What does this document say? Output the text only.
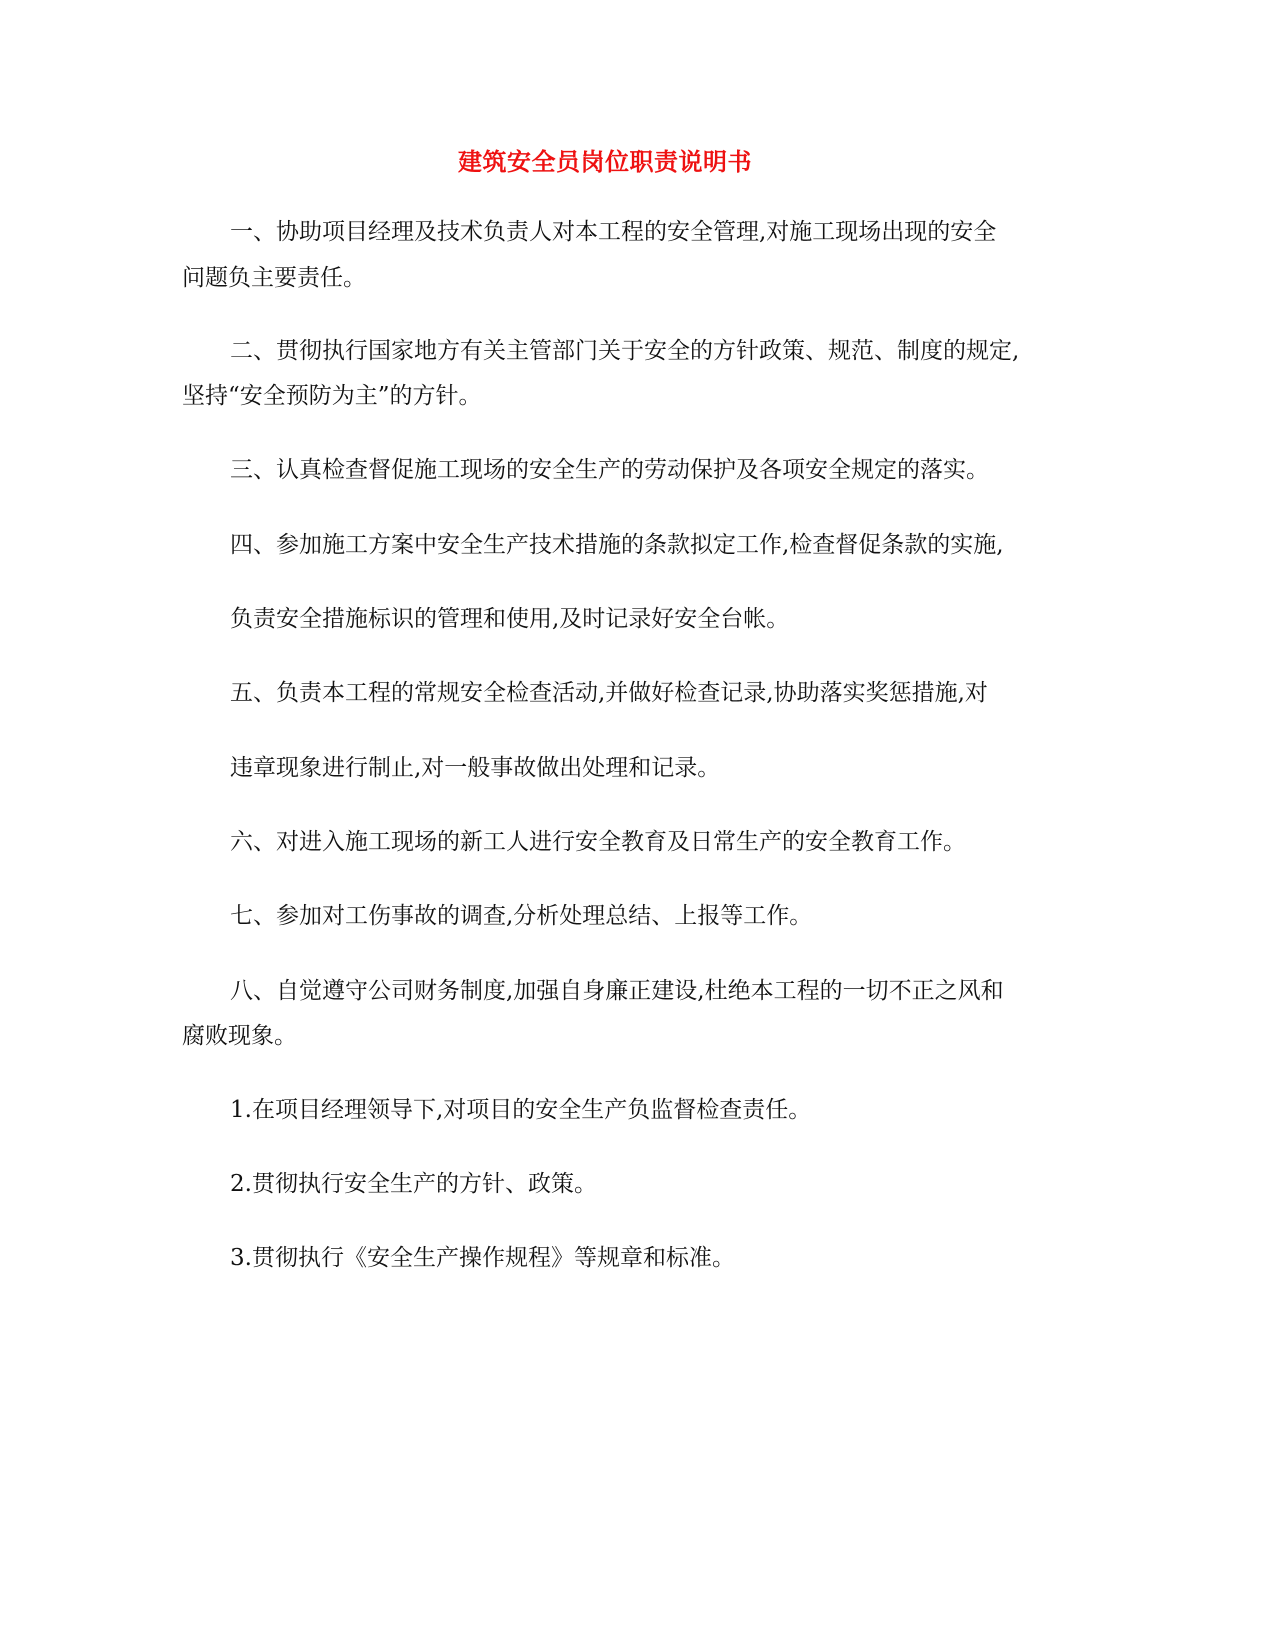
建筑安全员岗位职责说明书
一、协助项目经理及技术负责人对本工程的安全管理,对施工现场出现的安全
问题负主要责任。
二、贯彻执行国家地方有关主管部门关于安全的方针政策、规范、制度的规定,
坚持“安全预防为主”的方针。
三、认真检查督促施工现场的安全生产的劳动保护及各项安全规定的落实。
四、参加施工方案中安全生产技术措施的条款拟定工作,检查督促条款的实施,
负责安全措施标识的管理和使用,及时记录好安全台帐。
五、负责本工程的常规安全检查活动,并做好检查记录,协助落实奖惩措施,对
违章现象进行制止,对一般事故做出处理和记录。
六、对进入施工现场的新工人进行安全教育及日常生产的安全教育工作。
七、参加对工伤事故的调查,分析处理总结、上报等工作。
八、自觉遵守公司财务制度,加强自身廉正建设,杜绝本工程的一切不正之风和
腐败现象。
1.在项目经理领导下,对项目的安全生产负监督检查责任。
2.贯彻执行安全生产的方针、政策。
3.贯彻执行《安全生产操作规程》等规章和标准。
